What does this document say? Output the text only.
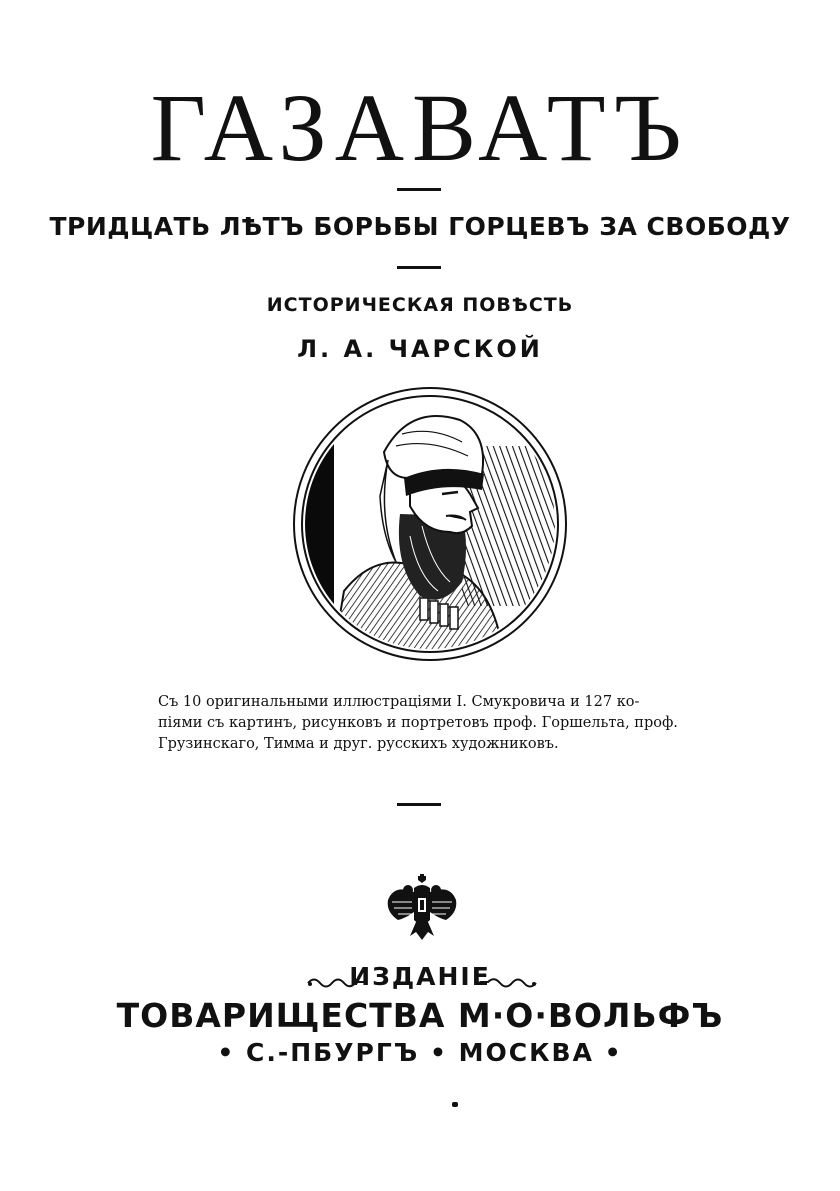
ГАЗАВАТЪ
ТРИДЦАТЬ ЛѢТЪ БОРЬБЫ ГОРЦЕВЪ ЗА СВОБОДУ
ИСТОРИЧЕСКАЯ ПОВѢСТЬ
Л. А. ЧАРСКОЙ
Съ 10 оригинальными иллюстраціями I. Смукровича и 127 ко-
піями съ картинъ, рисунковъ и портретовъ проф. Горшельта, проф.
Грузинскаго, Тимма и друг. русскихъ художниковъ.
ИЗДАНІЕ
ТОВАРИЩЕСТВА М·О·ВОЛЬФЪ
• С.-ПБУРГЪ • МОСКВА •
